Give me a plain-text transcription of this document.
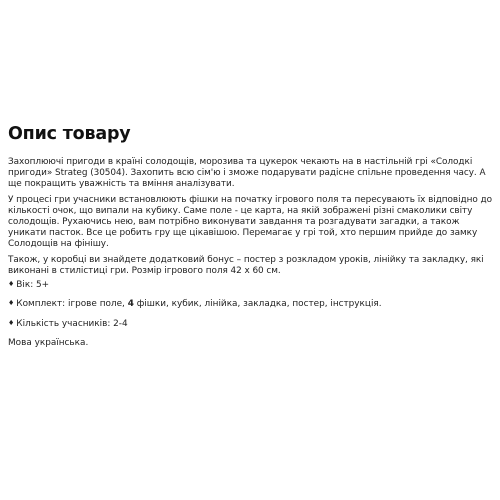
Опис товару

Захоплюючі пригоди в країні солодощів, морозива та цукерок чекають на в настільній грі «Солодкі пригоди» Strateg (30504). Захопить всю сім'ю і зможе подарувати радісне спільне проведення часу. А ще покращить уважність та вміння аналізувати.

У процесі гри учасники встановлюють фішки на початку ігрового поля та пересувають їх відповідно до кількості очок, що випали на кубику. Саме поле - це карта, на якій зображені різні смаколики світу солодощів. Рухаючись нею, вам потрібно виконувати завдання та розгадувати загадки, а також уникати пасток. Все це робить гру ще цікавішою. Перемагає у грі той, хто першим прийде до замку Солодощів на фінішу.

Також, у коробці ви знайдете додатковий бонус – постер з розкладом уроків, лінійку та закладку, які виконані в стилістиці гри. Розмір ігрового поля 42 х 60 см.

♦ Вік: 5+
♦ Комплект: ігрове поле, 4 фішки, кубик, лінійка, закладка, постер, інструкція.
♦ Кількість учасників: 2-4
Мова українська.
